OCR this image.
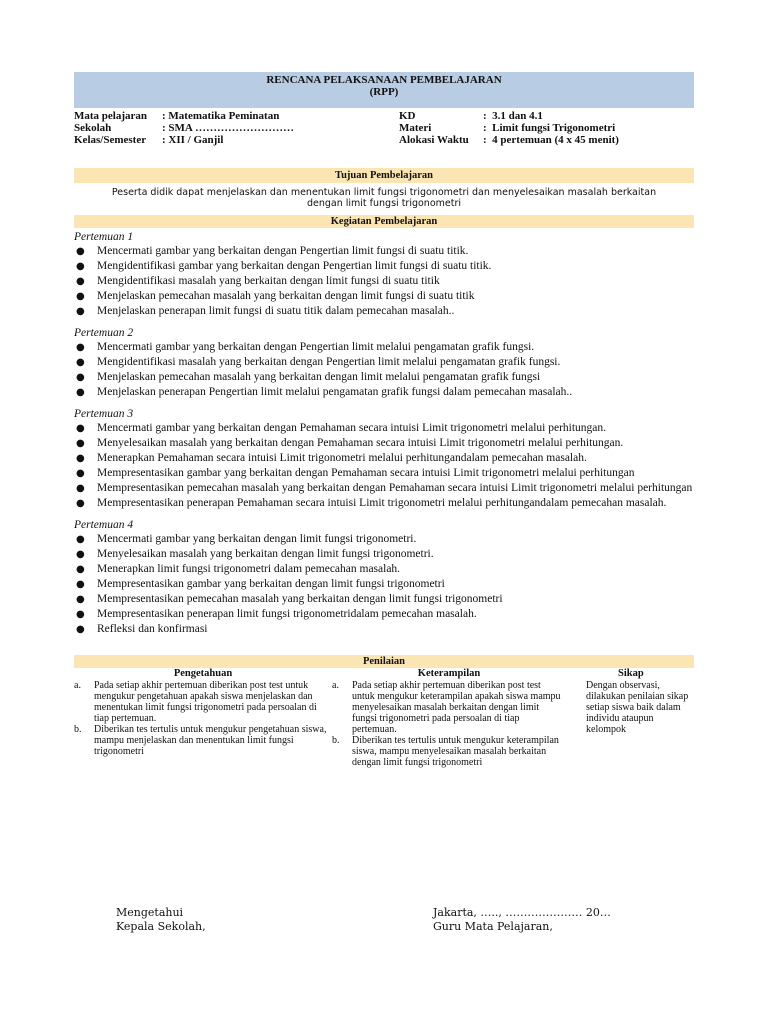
RENCANA PELAKSANAAN PEMBELAJARAN
(RPP)
Mata pelajaran	: Matematika Peminatan
Sekolah	: SMA ………………………
Kelas/Semester	: XII / Ganjil
KD	:  3.1 dan 4.1
Materi	:  Limit fungsi Trigonometri
Alokasi Waktu	:  4 pertemuan (4 x 45 menit)
Tujuan Pembelajaran
Peserta didik dapat menjelaskan dan menentukan limit fungsi trigonometri dan menyelesaikan masalah berkaitan dengan limit fungsi trigonometri
Kegiatan Pembelajaran
Pertemuan 1
● Mencermati gambar yang berkaitan dengan Pengertian limit fungsi di suatu titik.
● Mengidentifikasi gambar yang berkaitan dengan Pengertian limit fungsi di suatu titik.
● Mengidentifikasi masalah yang berkaitan dengan limit fungsi di suatu titik
● Menjelaskan pemecahan masalah yang berkaitan dengan limit fungsi di suatu titik
● Menjelaskan penerapan limit fungsi di suatu titik dalam pemecahan masalah..
Pertemuan 2
● Mencermati gambar yang berkaitan dengan Pengertian limit melalui pengamatan grafik fungsi.
● Mengidentifikasi masalah yang berkaitan dengan Pengertian limit melalui pengamatan grafik fungsi.
● Menjelaskan pemecahan masalah yang berkaitan dengan limit melalui pengamatan grafik fungsi
● Menjelaskan penerapan Pengertian limit melalui pengamatan grafik fungsi dalam pemecahan masalah..
Pertemuan 3
● Mencermati gambar yang berkaitan dengan Pemahaman secara intuisi Limit trigonometri melalui perhitungan.
● Menyelesaikan masalah yang berkaitan dengan Pemahaman secara intuisi Limit trigonometri melalui perhitungan.
● Menerapkan Pemahaman secara intuisi Limit trigonometri melalui perhitungandalam pemecahan masalah.
● Mempresentasikan gambar yang berkaitan dengan Pemahaman secara intuisi Limit trigonometri melalui perhitungan
● Mempresentasikan pemecahan masalah yang berkaitan dengan Pemahaman secara intuisi Limit trigonometri melalui perhitungan
● Mempresentasikan penerapan Pemahaman secara intuisi Limit trigonometri melalui perhitungandalam pemecahan masalah.
Pertemuan 4
● Mencermati gambar yang berkaitan dengan limit fungsi trigonometri.
● Menyelesaikan masalah yang berkaitan dengan limit fungsi trigonometri.
● Menerapkan limit fungsi trigonometri dalam pemecahan masalah.
● Mempresentasikan gambar yang berkaitan dengan limit fungsi trigonometri
● Mempresentasikan pemecahan masalah yang berkaitan dengan limit fungsi trigonometri
● Mempresentasikan penerapan limit fungsi trigonometridalam pemecahan masalah.
● Refleksi dan konfirmasi
Penilaian
Pengetahuan
a. Pada setiap akhir pertemuan diberikan post test untuk mengukur pengetahuan apakah siswa menjelaskan dan menentukan limit fungsi trigonometri pada persoalan di tiap pertemuan.
b. Diberikan tes tertulis untuk mengukur pengetahuan siswa, mampu menjelaskan dan menentukan limit fungsi trigonometri
Keterampilan
a. Pada setiap akhir pertemuan diberikan post test untuk mengukur keterampilan apakah siswa mampu menyelesaikan masalah berkaitan dengan limit fungsi trigonometri pada persoalan di tiap pertemuan.
b. Diberikan tes tertulis untuk mengukur keterampilan siswa, mampu menyelesaikan masalah berkaitan dengan limit fungsi trigonometri
Sikap
Dengan observasi, dilakukan penilaian sikap setiap siswa baik dalam individu ataupun kelompok
Mengetahui
Kepala Sekolah,
Jakarta, ….., ………………… 20…
Guru Mata Pelajaran,
